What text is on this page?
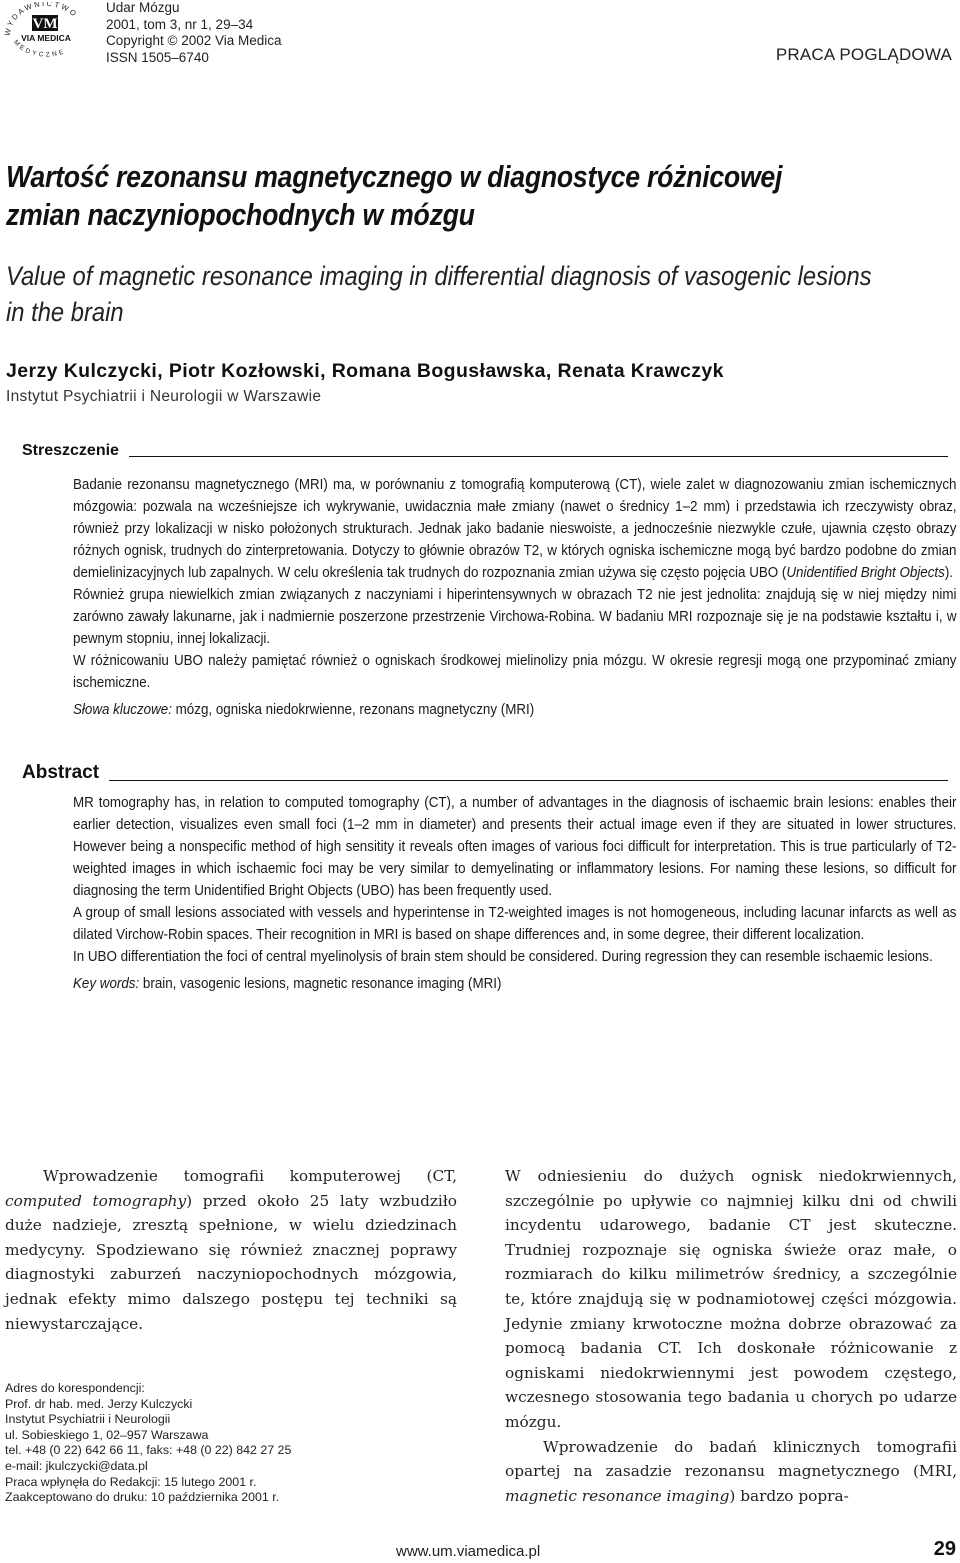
YDAWNICTWO
MEDYCZNE
VM
VIA MEDICA
Udar Mózgu
2001, tom 3, nr 1, 29–34
Copyright © 2002 Via Medica
ISSN 1505–6740	PRACA POGLĄDOWA
Wartość rezonansu magnetycznego w diagnostyce różnicowej
zmian naczyniopochodnych w mózgu
Value of magnetic resonance imaging in differential diagnosis of vasogenic lesions
in the brain
Jerzy Kulczycki, Piotr Kozłowski, Romana Bogusławska, Renata Krawczyk
Instytut Psychiatrii i Neurologii w Warszawie
Streszczenie

Badanie rezonansu magnetycznego (MRI) ma, w porównaniu z tomografią komputerową (CT), wiele zalet w diagnozowaniu zmian ischemicznych mózgowia: pozwala na wcześniejsze ich wykrywanie, uwidacznia małe zmiany (nawet o średnicy 1–2 mm) i przedstawia ich rzeczywisty obraz, również przy lokalizacji w nisko położonych strukturach. Jednak jako badanie nieswoiste, a jednocześnie niezwykle czułe, ujawnia często obrazy różnych ognisk, trudnych do zinterpretowania. Dotyczy to głównie obrazów T2, w których ogniska ischemiczne mogą być bardzo podobne do zmian demielinizacyjnych lub zapalnych. W celu określenia tak trudnych do rozpoznania zmian używa się często pojęcia UBO (Unidentified Bright Objects).

Również grupa niewielkich zmian związanych z naczyniami i hiperintensywnych w obrazach T2 nie jest jednolita: znajdują się w niej między nimi zarówno zawały lakunarne, jak i nadmiernie poszerzone przestrzenie Virchowa-Robina. W badaniu MRI rozpoznaje się je na podstawie kształtu i, w pewnym stopniu, innej lokalizacji.

W różnicowaniu UBO należy pamiętać również o ogniskach środkowej mielinolizy pnia mózgu. W okresie regresji mogą one przypominać zmiany ischemiczne.

Słowa kluczowe: mózg, ogniska niedokrwienne, rezonans magnetyczny (MRI)

Abstract

MR tomography has, in relation to computed tomography (CT), a number of advantages in the diagnosis of ischaemic brain lesions: enables their earlier detection, visualizes even small foci (1–2 mm in diameter) and presents their actual image even if they are situated in lower structures. However being a nonspecific method of high sensitity it reveals often images of various foci difficult for interpretation. This is true particularly of T2-weighted images in which ischaemic foci may be very similar to demyelinating or inflammatory lesions. For naming these lesions, so difficult for diagnosing the term Unidentified Bright Objects (UBO) has been frequently used.

A group of small lesions associated with vessels and hyperintense in T2-weighted images is not homogeneous, including lacunar infarcts as well as dilated Virchow-Robin spaces. Their recognition in MRI is based on shape differences and, in some degree, their different localization.

In UBO differentiation the foci of central myelinolysis of brain stem should be considered. During regression they can resemble ischaemic lesions.

Key words: brain, vasogenic lesions, magnetic resonance imaging (MRI)

Wprowadzenie tomografii komputerowej (CT, computed tomography) przed około 25 laty wzbudziło duże nadzieje, zresztą spełnione, w wielu dziedzinach medycyny. Spodziewano się również znacznej poprawy diagnostyki zaburzeń naczyniopochodnych mózgowia, jednak efekty mimo dalszego postępu tej techniki są niewystarczające.

W odniesieniu do dużych ognisk niedokrwiennych, szczególnie po upływie co najmniej kilku dni od chwili incydentu udarowego, badanie CT jest skuteczne. Trudniej rozpoznaje się ogniska świeże oraz małe, o rozmiarach do kilku milimetrów średnicy, a szczególnie te, które znajdują się w podnamiotowej części mózgowia. Jedynie zmiany krwotoczne można dobrze obrazować za pomocą badania CT. Ich doskonałe różnicowanie z ogniskami niedokrwiennymi jest powodem częstego, wczesnego stosowania tego badania u chorych po udarze mózgu.

Wprowadzenie do badań klinicznych tomografii opartej na zasadzie rezonansu magnetycznego (MRI, magnetic resonance imaging) bardzo popra-

Adres do korespondencji:
Prof. dr hab. med. Jerzy Kulczycki
Instytut Psychiatrii i Neurologii
ul. Sobieskiego 1, 02–957 Warszawa
tel. +48 (0 22) 642 66 11, faks: +48 (0 22) 842 27 25
e-mail: jkulczycki@data.pl
Praca wpłynęła do Redakcji: 15 lutego 2001 r.
Zaakceptowano do druku: 10 października 2001 r.
www.um.viamedica.pl	29
